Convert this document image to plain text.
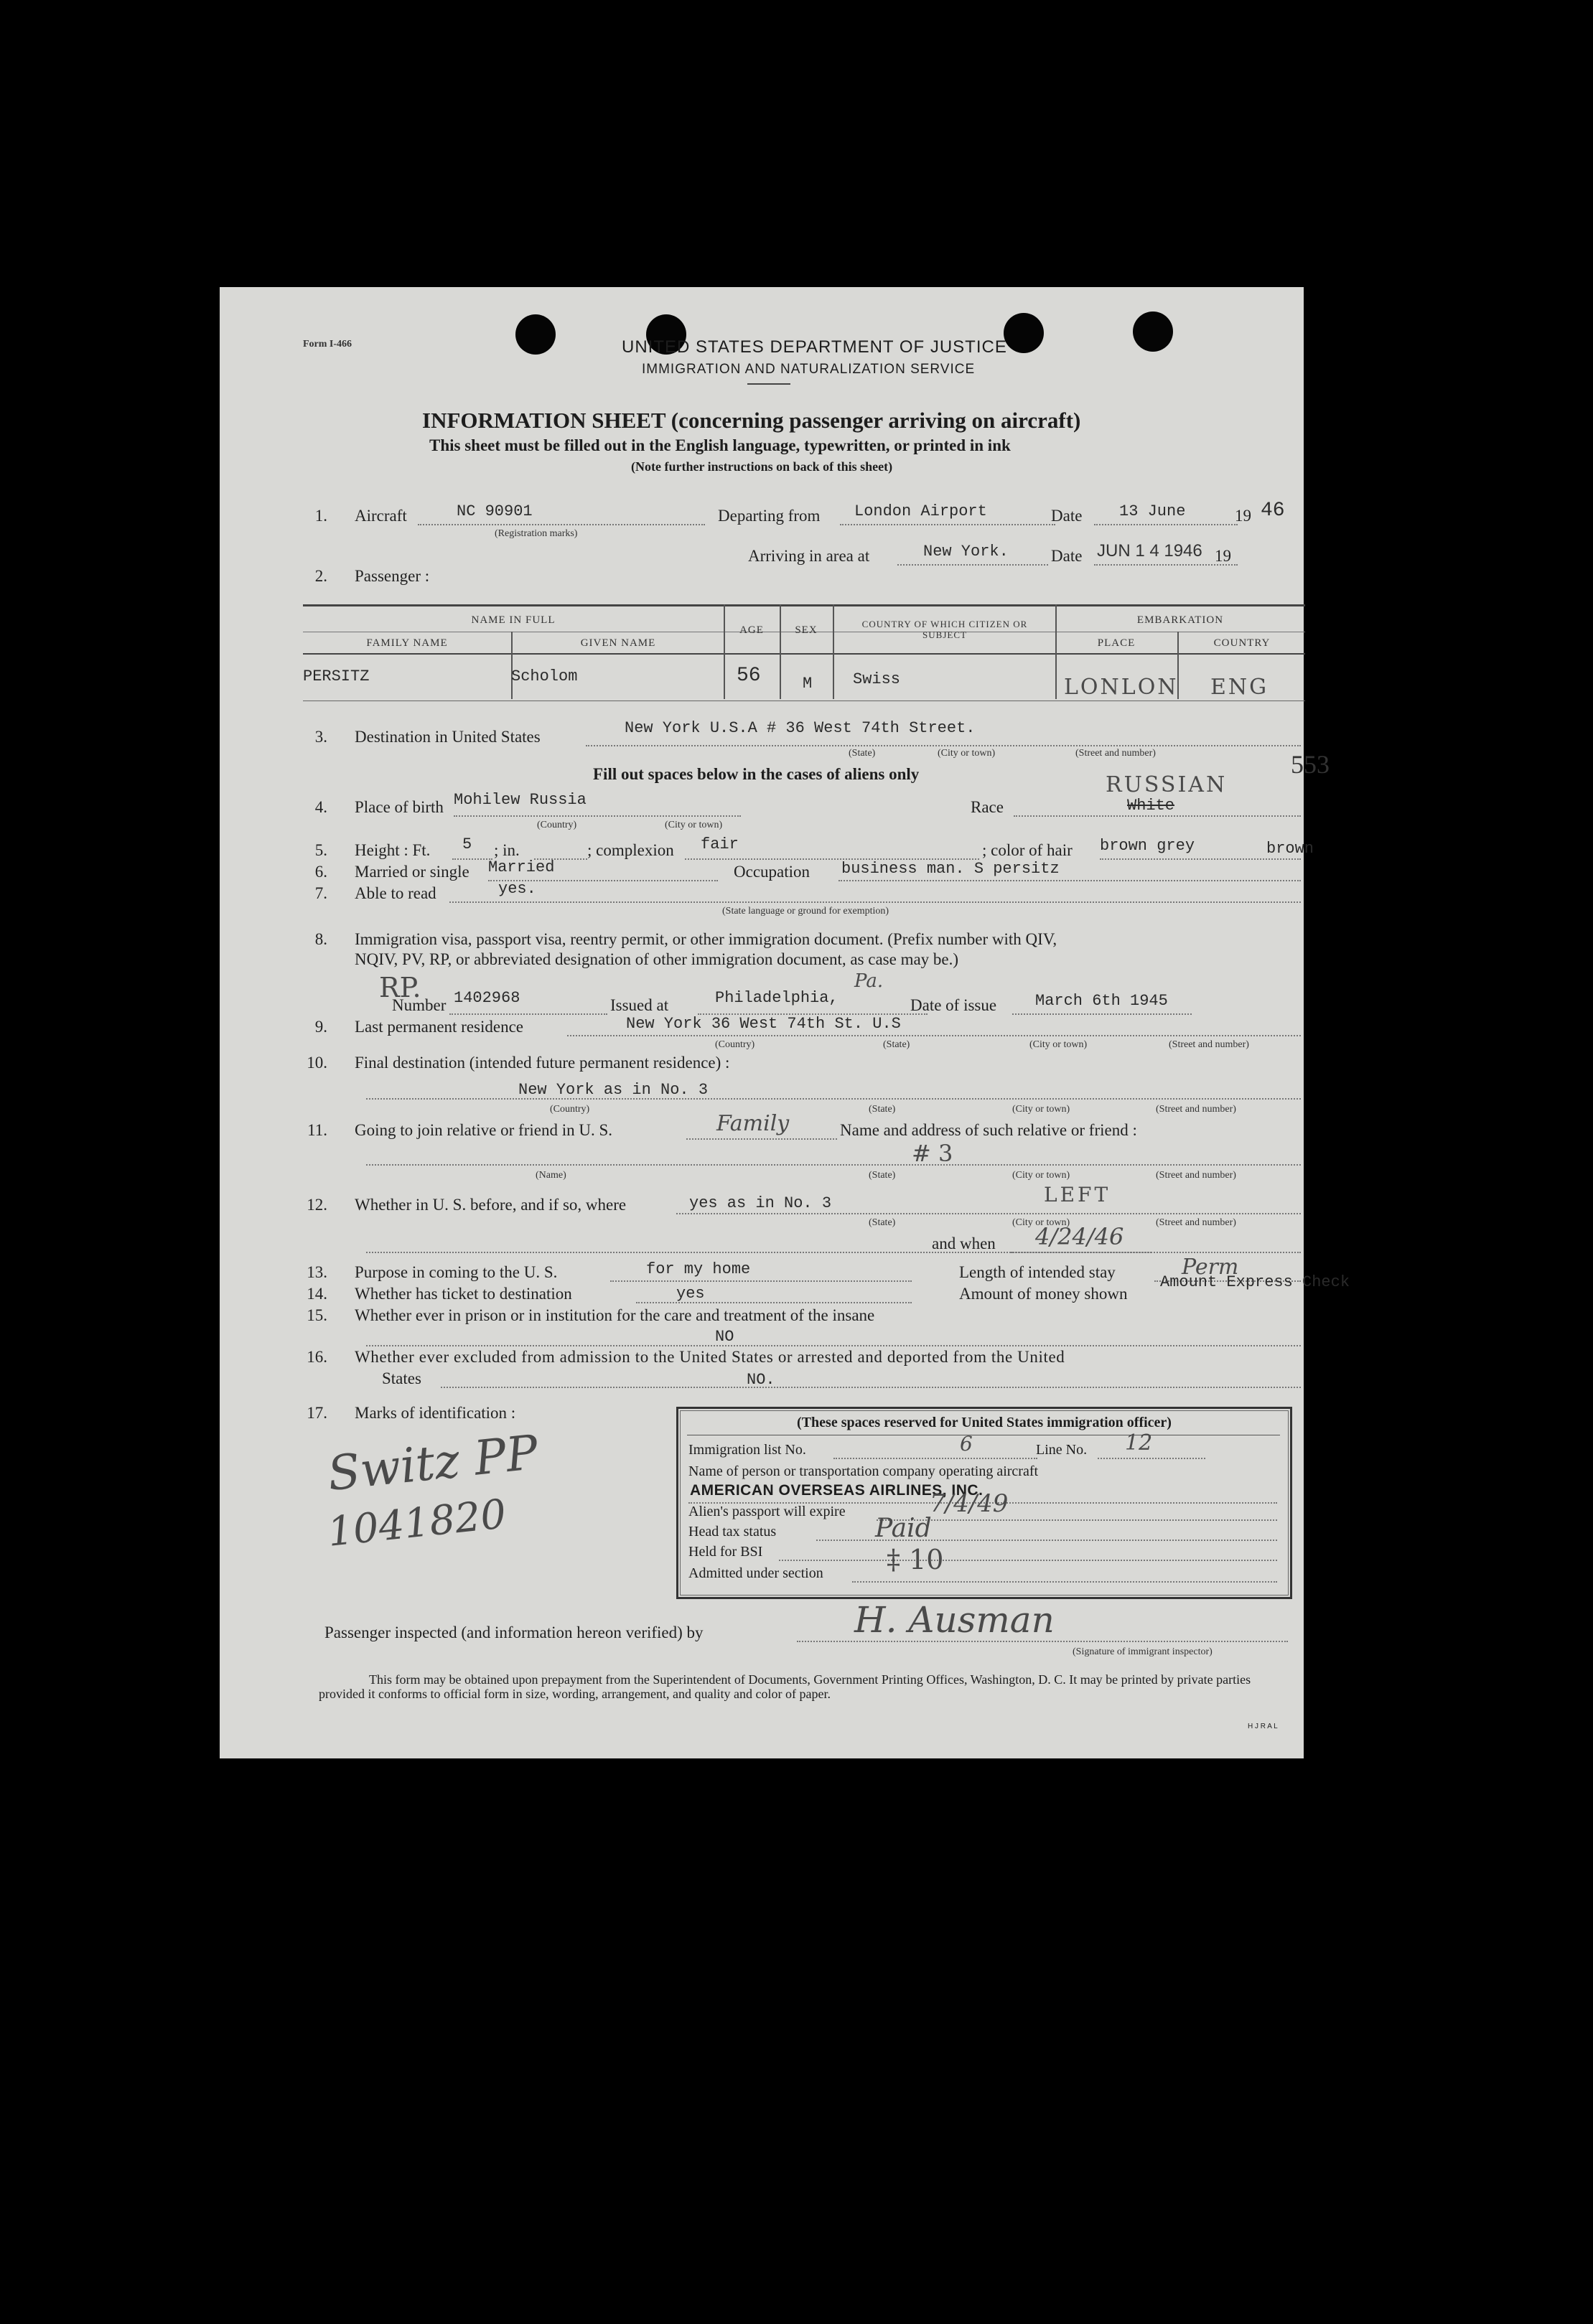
Form I-466	UNITED STATES DEPARTMENT OF JUSTICE
IMMIGRATION AND NATURALIZATION SERVICE
INFORMATION SHEET (concerning passenger arriving on aircraft)
This sheet must be filled out in the English language, typewritten, or printed in ink
(Note further instructions on back of this sheet)
1. Aircraft	NC 90901
(Registration marks)
Departing from London Airport	Date 13 June	19 46
Arriving in area at	New York.	Date JUN 1 4 1946 19
2. Passenger :
NAME IN FULL
FAMILY NAME	GIVEN NAME
AGE	SEX
COUNTRY OF WHICH CITIZEN OR SUBJECT
EMBARKATION
PLACE	COUNTRY
PERSITZ	Scholom	56	M	Swiss	LONLON ENG
3. Destination in United States	New York U.S.A # 36 West 74th Street.
(State)	(City or town)	(Street and number)	553
Fill out spaces below in the cases of aliens only
4. Place of birth Mohilew Russia
(Country)	(City or town)
Race
RUSSIAN
White
5. Height : Ft. 5 ; in.	; complexion fair	; color of hair brown grey	brown
6. Married or single Married	Occupation business man. S persitz
7. Able to read	yes.
(State language or ground for exemption)
8. Immigration visa, passport visa, reentry permit, or other immigration document. (Prefix number with QIV,
NQIV, PV, RP, or abbreviated designation of other immigration document, as case may be.)
RP.
Number 1402968	Issued at	Philadelphia,
Pa.
Date of issue March 6th 1945
9. Last permanent residence	New York 36 West 74th St. U.S
(Country)	(State)	(City or town)	(Street and number)
10. Final destination (intended future permanent residence) :
New York as in No. 3
(Country)	(State)	(City or town)	(Street and number)
11. Going to join relative or friend in U. S.	Family	Name and address of such relative or friend :
# 3
(Name)	(State)	(City or town)	(Street and number)
12. Whether in U. S. before, and if so, where	yes as in No. 3
(State)
LEFT
(City or town)	(Street and number)
and when 4/24/46
13. Purpose in coming to the U. S.	for my home	Length of intended stay	Perm
14. Whether has ticket to destination	yes	Amount of money shown
Amount Express Check
15. Whether ever in prison or in institution for the care and treatment of the insane
NO
16. Whether ever excluded from admission to the United States or arrested and deported from the United
States	NO.
17. Marks of identification :
Switz PP
1041820
(These spaces reserved for United States immigration officer)
Immigration list No.	6	Line No. 12
Name of person or transportation company operating aircraft
AMERICAN OVERSEAS AIRLINES, INC.
Alien's passport will expire	7/4/49
Head tax status	Paid
Held for BSI
Admitted under section ‡ 10
Passenger inspected (and information hereon verified) by	H. Ausman
(Signature of immigrant inspector)
This form may be obtained upon prepayment from the Superintendent of Documents, Government Printing Offices, Washington, D. C. It may be printed by private parties provided it conforms to official form in size, wording, arrangement, and quality and color of paper.
H J R A L
